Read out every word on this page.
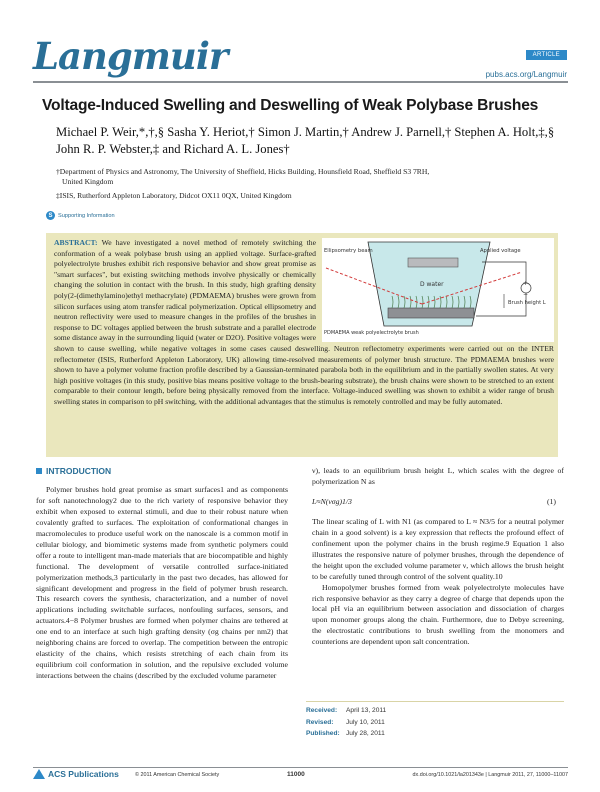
Langmuir	ARTICLE
pubs.acs.org/Langmuir
Voltage-Induced Swelling and Deswelling of Weak Polybase Brushes
Michael P. Weir,*,†,§ Sasha Y. Heriot,† Simon J. Martin,† Andrew J. Parnell,† Stephen A. Holt,‡,§
John R. P. Webster,‡ and Richard A. L. Jones†
†Department of Physics and Astronomy, The University of Sheffield, Hicks Building, Hounsfield Road, Sheffield S3 7RH,
United Kingdom
‡ISIS, Rutherford Appleton Laboratory, Didcot OX11 0QX, United Kingdom
S Supporting Information
+
−
Ellipsometry beam	Applied voltage
D water
PDMAEMA weak polyelectrolyte brush
Brush height L
ABSTRACT: We have investigated a novel method of remotely switching the conformation of a weak polybase brush using an applied voltage. Surface-grafted polyelectrolyte brushes exhibit rich responsive behavior and show great promise as "smart surfaces", but existing switching methods involve physically or chemically changing the solution in contact with the brush. In this study, high grafting density poly(2-(dimethylamino)ethyl methacrylate) (PDMAEMA) brushes were grown from silicon surfaces using atom transfer radical polymerization. Optical ellipsometry and neutron reflectivity were used to measure changes in the profiles of the brushes in response to DC voltages applied between the brush substrate and a parallel electrode some distance away in the surrounding liquid (water or D2O). Positive voltages were shown to cause swelling, while negative voltages in some cases caused deswelling. Neutron reflectometry experiments were carried out on the INTER reflectometer (ISIS, Rutherford Appleton Laboratory, UK) allowing time-resolved measurements of polymer brush structure. The PDMAEMA brushes were shown to have a polymer volume fraction profile described by a Gaussian-terminated parabola both in the equilibrium and in the partially swollen states. At very high positive voltages (in this study, positive bias means positive voltage to the brush-bearing substrate), the brush chains were shown to be stretched to an extent comparable to their contour length, before being physically removed from the interface. Voltage-induced swelling was shown to exhibit a wider range of brush swelling states in comparison to pH switching, with the additional advantages that the stimulus is remotely controlled and may be fully automated.
INTRODUCTION

Polymer brushes hold great promise as smart surfaces1 and as components for soft nanotechnology2 due to the rich variety of responsive behavior they exhibit when exposed to external stimuli, and due to their robust nature when covalently grafted to surfaces. The exploitation of conformational changes in macromolecules to produce useful work on the nanoscale is a common motif in cellular biology, and biomimetic systems made from synthetic polymers could offer a route to intelligent man-made materials that are biocompatible and highly functional. The development of versatile controlled surface-initiated polymerization methods,3 particularly in the past two decades, has allowed for significant development and progress in the field of polymer brush research. This research covers the synthesis, characterization, and a number of novel applications including switchable surfaces, nonfouling surfaces, sensors, and actuators.4−8 Polymer brushes are formed when polymer chains are tethered at one end to an interface at such high grafting density (σg chains per nm2) that neighboring chains are forced to overlap. The competition between the entropic elasticity of the chains, which resists stretching of each chain from its equilibrium coil conformation in solution, and the repulsive excluded volume interactions between the chains (described by the excluded volume parameter

ν), leads to an equilibrium brush height L, which scales with the degree of polymerization N as

L≈N(νσg)1/3	(1)

The linear scaling of L with N1 (as compared to L ≈ N3/5 for a neutral polymer chain in a good solvent) is a key expression that reflects the profound effect of confinement upon the polymer chains in the brush regime.9 Equation 1 also illustrates the responsive nature of polymer brushes, through the dependence of the height upon the excluded volume parameter ν, which allows the brush height to be carefully tuned through control of the solvent quality.10

Homopolymer brushes formed from weak polyelectrolyte molecules have rich responsive behavior as they carry a degree of charge that depends upon the local pH via an equilibrium between association and dissociation of charges upon monomer groups along the chain. Furthermore, due to Debye screening, the electrostatic contributions to brush swelling from the monomers and counterions are dependent upon salt concentration.

Received: April 13, 2011
Revised: July 10, 2011
Published: July 28, 2011
ACS Publications	© 2011 American Chemical Society	11000	dx.doi.org/10.1021/la201343e | Langmuir 2011, 27, 11000–11007
